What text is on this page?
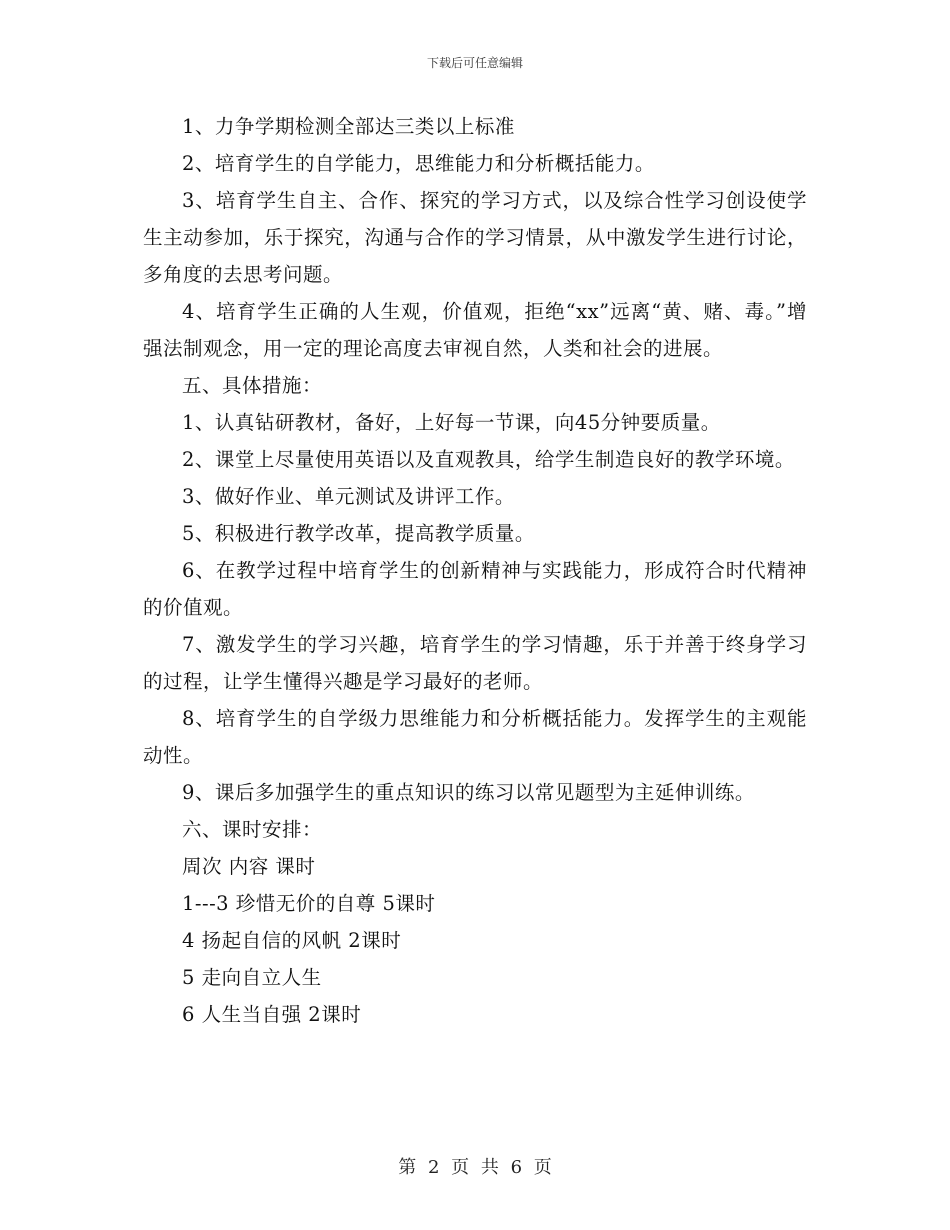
下载后可任意编辑

1、力争学期检测全部达三类以上标准

2、培育学生的自学能力，思维能力和分析概括能力。

3、培育学生自主、合作、探究的学习方式，以及综合性学习创设使学生主动参加，乐于探究，沟通与合作的学习情景，从中激发学生进行讨论，多角度的去思考问题。

4、培育学生正确的人生观，价值观，拒绝“xx”远离“黄、赌、毒。”增强法制观念，用一定的理论高度去审视自然，人类和社会的进展。

五、具体措施：

1、认真钻研教材，备好，上好每一节课，向45分钟要质量。

2、课堂上尽量使用英语以及直观教具，给学生制造良好的教学环境。

3、做好作业、单元测试及讲评工作。

5、积极进行教学改革，提高教学质量。

6、在教学过程中培育学生的创新精神与实践能力，形成符合时代精神的价值观。

7、激发学生的学习兴趣，培育学生的学习情趣，乐于并善于终身学习的过程，让学生懂得兴趣是学习最好的老师。

8、培育学生的自学级力思维能力和分析概括能力。发挥学生的主观能动性。

9、课后多加强学生的重点知识的练习以常见题型为主延伸训练。

六、课时安排：

周次 内容 课时

1---3 珍惜无价的自尊 5课时

4 扬起自信的风帆 2课时

5 走向自立人生

6 人生当自强 2课时

第 2 页 共 6 页
